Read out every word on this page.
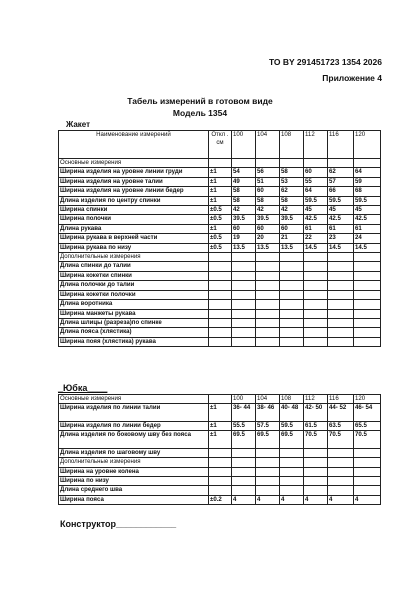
ТО BY 291451723 1354 2026
Приложение 4
Табель измерений в готовом виде
Модель 1354
Жакет
Наименование измерений	Откл . см	100	104	108	112	116	120
Основные измерения							
Ширина изделия на уровне линии груди	±1	54	56	58	60	62	64
Ширина изделия на уровне талии	±1	49	51	53	55	57	59
Ширина изделия на уровне линии бедер	±1	58	60	62	64	66	68
Длина изделия по центру спинки	±1	58	58	58	59.5	59.5	59.5
Ширина спинки	±0.5	42	42	42	45	45	45
Ширина полочки	±0.5	39.5	39.5	39.5	42.5	42.5	42.5
Длина рукава	±1	60	60	60	61	61	61
Ширина рукава в верхней части	±0.5	19	20	21	22	23	24
Ширина рукава по низу	±0.5	13.5	13.5	13.5	14.5	14.5	14.5
Дополнительные измерения							
Длина спинки до талии							
Ширина кокетки спинки							
Длина полочки до талии							
Ширина кокетки полочки							
Длина воротника							
Ширина манжеты рукава							
Длина шлицы (разреза)по спинке							
Длина пояса (хлястика)							
Ширина пояя (хлястика) рукава							
_Юбка____
Основные измерения		100	104	108	112	116	120
Ширина изделия по линии талии	±1	36- 44	38- 46	40- 48	42- 50	44- 52	46- 54
Ширина изделия по линии бедер	±1	55.5	57.5	59.5	61.5	63.5	65.5
Длина изделия по боковому шву без пояса	±1	69.5	69.5	69.5	70.5	70.5	70.5
Длина изделия по шаговому шву							
Дополнительные измерения							
Ширина на уровне колена							
Ширина по низу							
Длина среднего шва							
Ширина пояса	±0.2	4	4	4	4	4	4
Конструктор____________
